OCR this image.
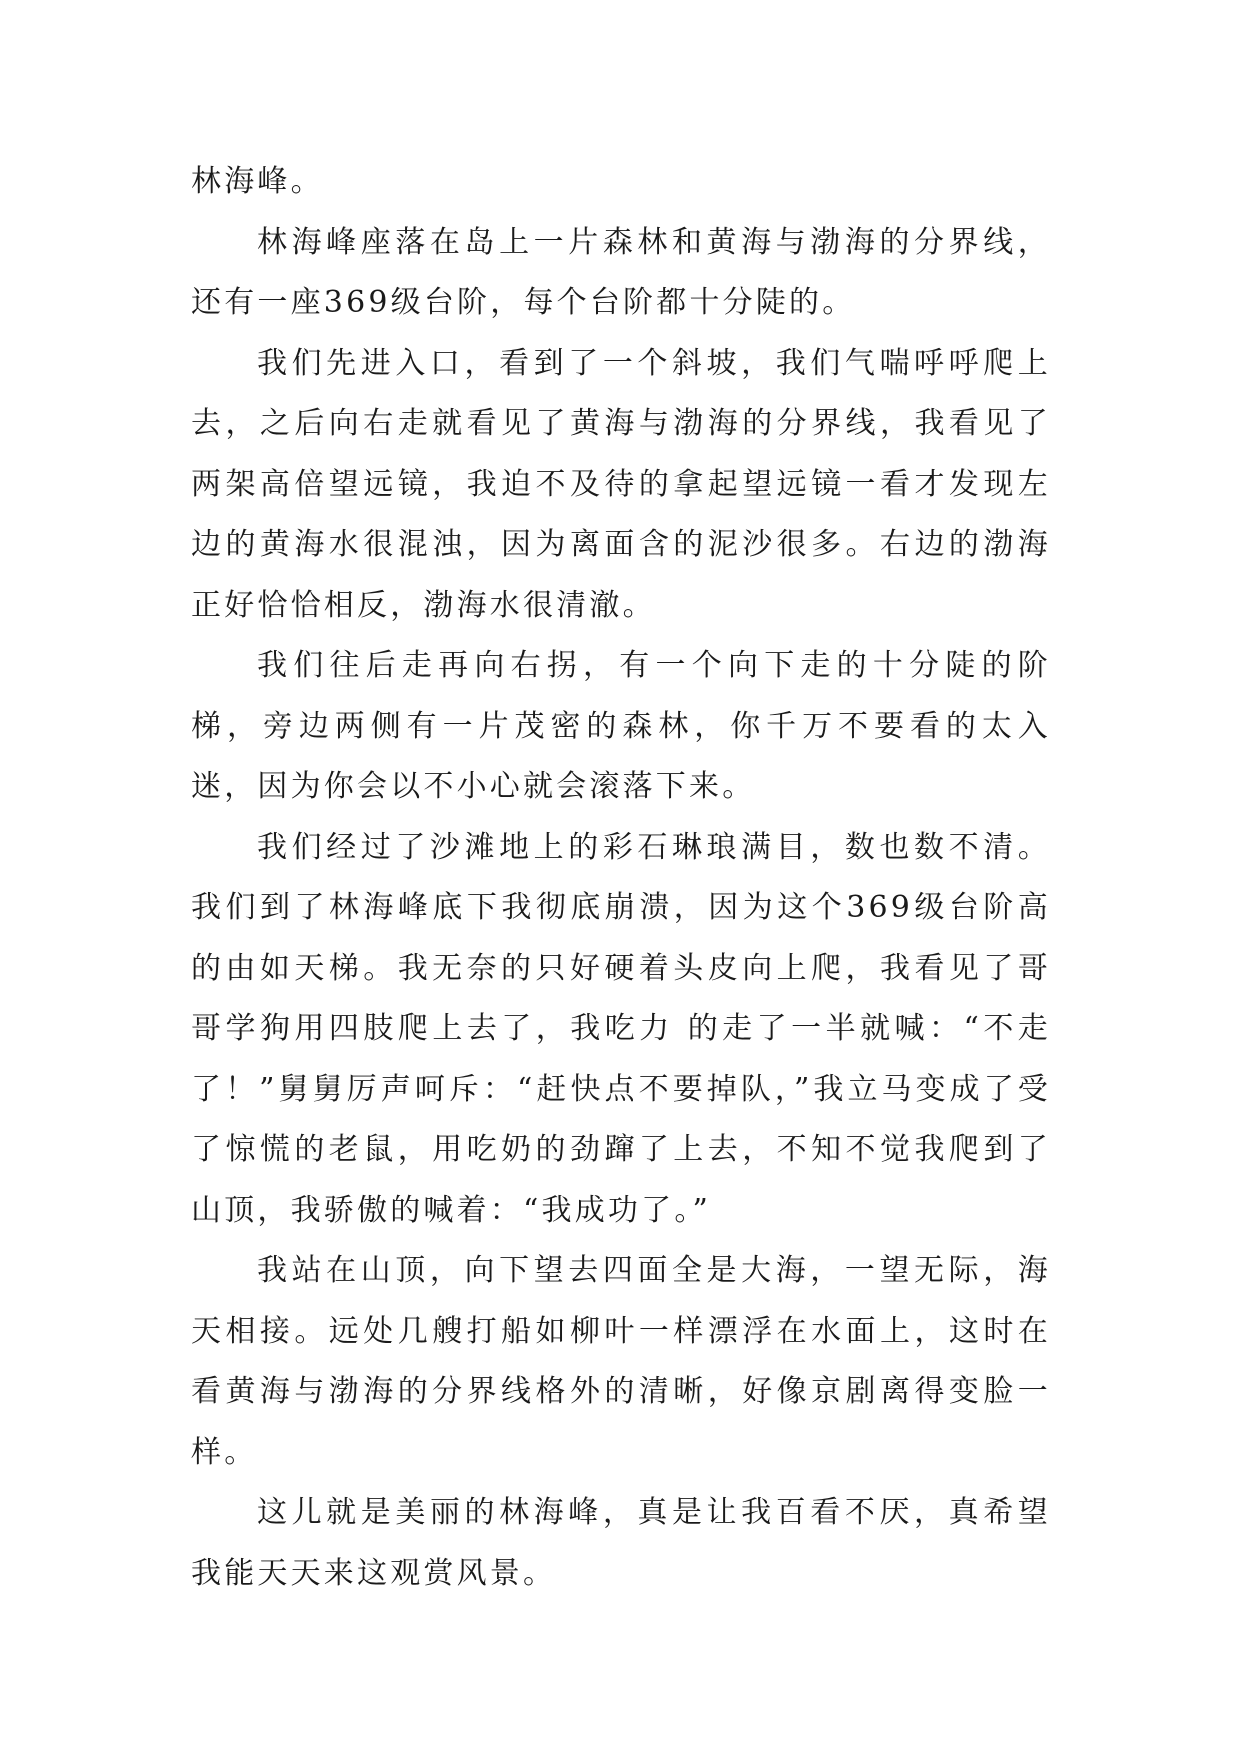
林海峰。

林海峰座落在岛上一片森林和黄海与渤海的分界线，还有一座369级台阶，每个台阶都十分陡的。

我们先进入口，看到了一个斜坡，我们气喘呼呼爬上去，之后向右走就看见了黄海与渤海的分界线，我看见了两架高倍望远镜，我迫不及待的拿起望远镜一看才发现左边的黄海水很混浊，因为离面含的泥沙很多。右边的渤海正好恰恰相反，渤海水很清澈。

我们往后走再向右拐，有一个向下走的十分陡的阶梯，旁边两侧有一片茂密的森林，你千万不要看的太入迷，因为你会以不小心就会滚落下来。

我们经过了沙滩地上的彩石琳琅满目，数也数不清。我们到了林海峰底下我彻底崩溃，因为这个369级台阶高的由如天梯。我无奈的只好硬着头皮向上爬，我看见了哥哥学狗用四肢爬上去了，我吃力 的走了一半就喊：“不走了！”舅舅厉声呵斥：“赶快点不要掉队，”我立马变成了受了惊慌的老鼠，用吃奶的劲蹿了上去，不知不觉我爬到了山顶，我骄傲的喊着：“我成功了。”

我站在山顶，向下望去四面全是大海，一望无际，海天相接。远处几艘打船如柳叶一样漂浮在水面上，这时在看黄海与渤海的分界线格外的清晰，好像京剧离得变脸一样。

这儿就是美丽的林海峰，真是让我百看不厌，真希望我能天天来这观赏风景。
